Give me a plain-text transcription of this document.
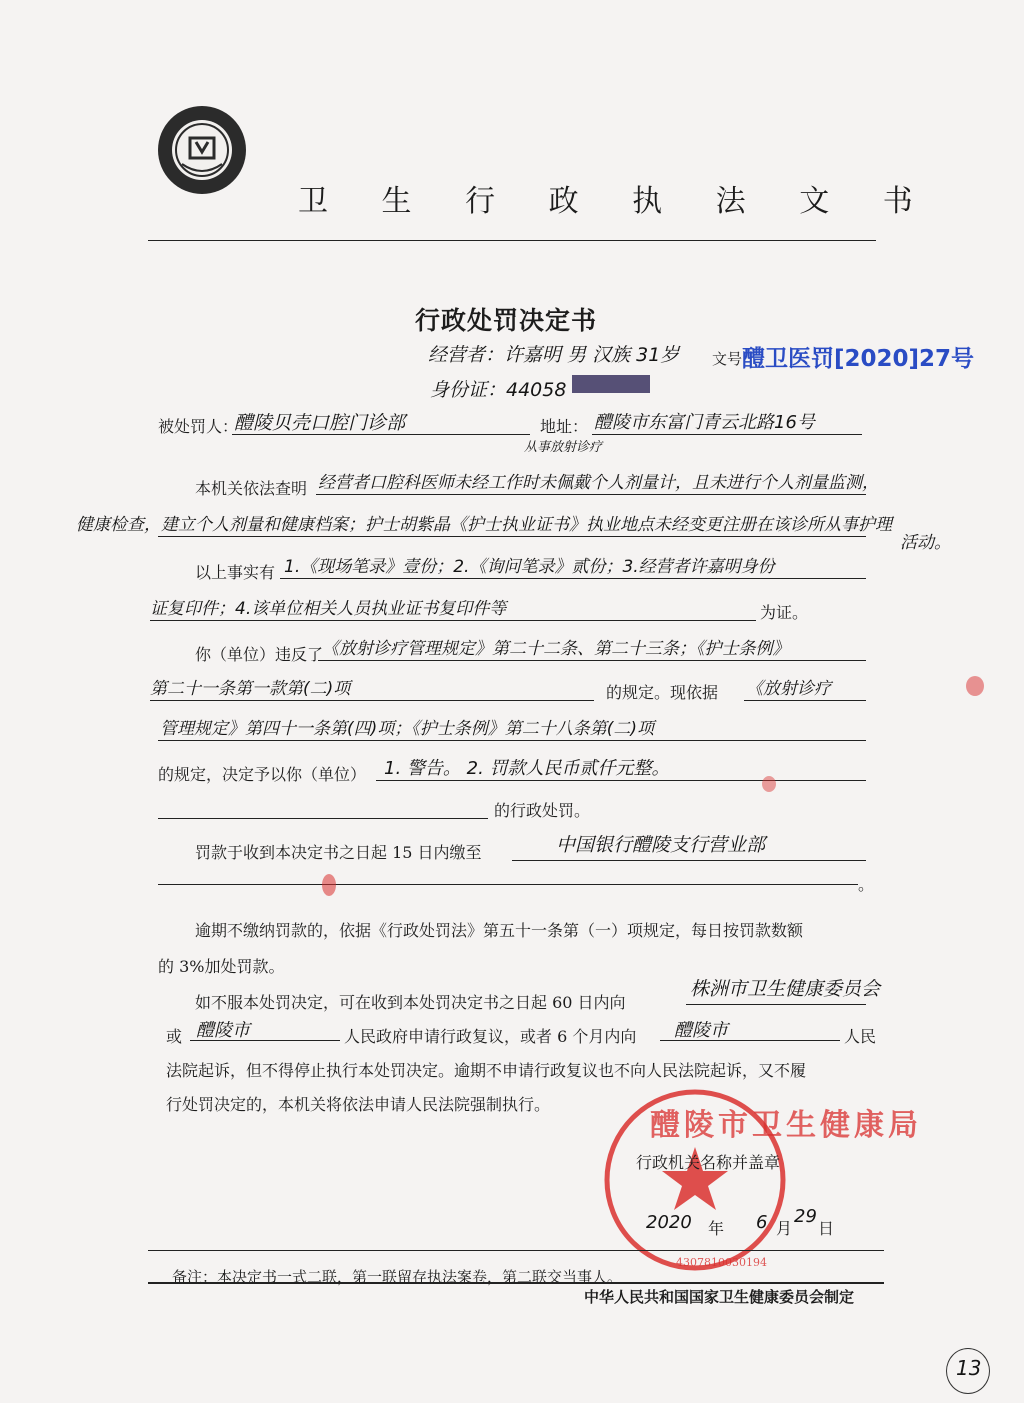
卫 生 行 政 执 法 文 书
行政处罚决定书
经营者：许嘉明 男 汉族 31岁
身份证：44058
文号 醴卫医罚[2020]27号
被处罚人：
醴陵贝壳口腔门诊部	地址： 醴陵市东富门青云北路16号
从事放射诊疗
本机关依法查明 经营者口腔科医师未经工作时未佩戴个人剂量计，且未进行个人剂量监测，
健康检查，建立个人剂量和健康档案；护士胡紫晶《护士执业证书》执业地点未经变更注册在该诊所从事护理
活动。
以上事实有 1.《现场笔录》壹份；2.《询问笔录》贰份；3.经营者许嘉明身份
证复印件；4.该单位相关人员执业证书复印件等	为证。
你（单位）违反了
《放射诊疗管理规定》第二十二条、第二十三条；《护士条例》
第二十一条第一款第(二)项	的规定。现依据 《放射诊疗
管理规定》第四十一条第(四)项；《护士条例》第二十八条第(二)项
的规定，决定予以你（单位） 1. 警告。 2. 罚款人民币贰仟元整。
的行政处罚。
罚款于收到本决定书之日起 15 日内缴至	中国银行醴陵支行营业部
。
逾期不缴纳罚款的，依据《行政处罚法》第五十一条第（一）项规定，每日按罚款数额
的 3%加处罚款。
如不服本处罚决定，可在收到本处罚决定书之日起 60 日内向
株洲市卫生健康委员会
或 醴陵市	人民政府申请行政复议，或者 6 个月内向 醴陵市	人民
法院起诉，但不得停止执行本处罚决定。逾期不申请行政复议也不向人民法院起诉，又不履
行处罚决定的，本机关将依法申请人民法院强制执行。
醴陵市卫生健康局
4307810030194
行政机关名称并盖章
2020 年 6 月
29
日
备注：本决定书一式二联，第一联留存执法案卷，第二联交当事人。
中华人民共和国国家卫生健康委员会制定
13
